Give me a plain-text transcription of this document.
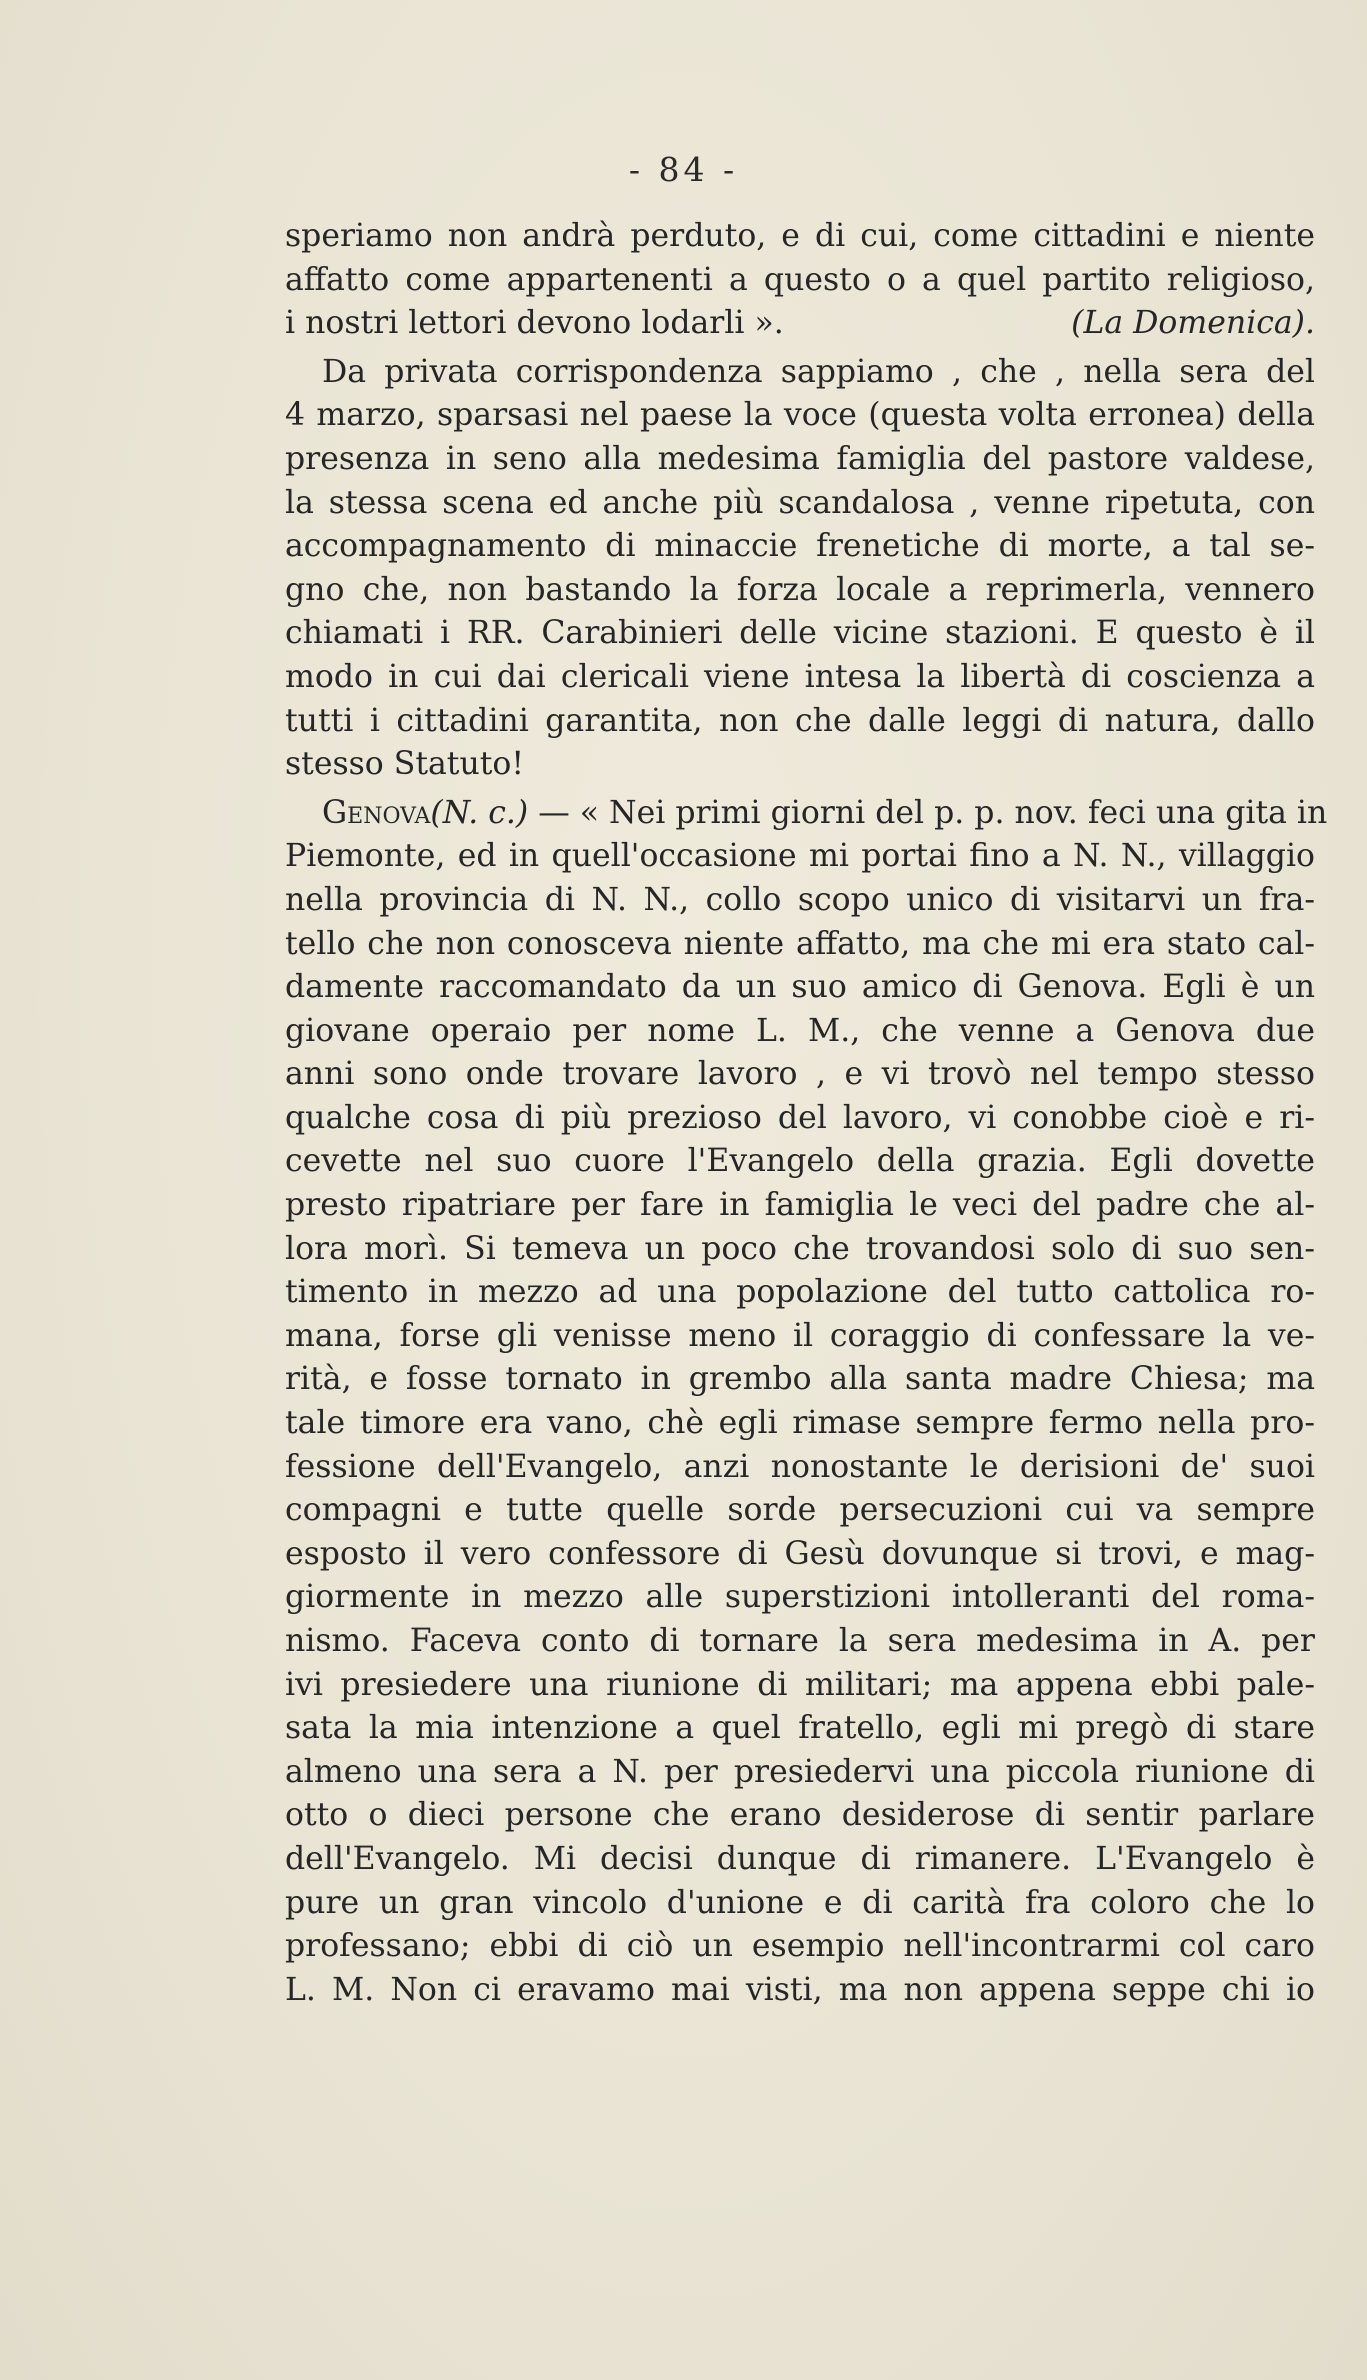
- 84 -
speriamo non andrà perduto, e di cui, come cittadini e niente
affatto come appartenenti a questo o a quel partito religioso,
i nostri lettori devono lodarli ».	(La Domenica).
Da privata corrispondenza sappiamo , che , nella sera del
4 marzo, sparsasi nel paese la voce (questa volta erronea) della
presenza in seno alla medesima famiglia del pastore valdese,
la stessa scena ed anche più scandalosa , venne ripetuta, con
accompagnamento di minaccie frenetiche di morte, a tal se-
gno che, non bastando la forza locale a reprimerla, vennero
chiamati i RR. Carabinieri delle vicine stazioni. E questo è il
modo in cui dai clericali viene intesa la libertà di coscienza a
tutti i cittadini garantita, non che dalle leggi di natura, dallo
stesso Statuto!
Genova(N. c.) — « Nei primi giorni del p. p. nov. feci una gita in
Piemonte, ed in quell'occasione mi portai fino a N. N., villaggio
nella provincia di N. N., collo scopo unico di visitarvi un fra-
tello che non conosceva niente affatto, ma che mi era stato cal-
damente raccomandato da un suo amico di Genova. Egli è un
giovane operaio per nome L. M., che venne a Genova due
anni sono onde trovare lavoro , e vi trovò nel tempo stesso
qualche cosa di più prezioso del lavoro, vi conobbe cioè e ri-
cevette nel suo cuore l'Evangelo della grazia. Egli dovette
presto ripatriare per fare in famiglia le veci del padre che al-
lora morì. Si temeva un poco che trovandosi solo di suo sen-
timento in mezzo ad una popolazione del tutto cattolica ro-
mana, forse gli venisse meno il coraggio di confessare la ve-
rità, e fosse tornato in grembo alla santa madre Chiesa; ma
tale timore era vano, chè egli rimase sempre fermo nella pro-
fessione dell'Evangelo, anzi nonostante le derisioni de' suoi
compagni e tutte quelle sorde persecuzioni cui va sempre
esposto il vero confessore di Gesù dovunque si trovi, e mag-
giormente in mezzo alle superstizioni intolleranti del roma-
nismo. Faceva conto di tornare la sera medesima in A. per
ivi presiedere una riunione di militari; ma appena ebbi pale-
sata la mia intenzione a quel fratello, egli mi pregò di stare
almeno una sera a N. per presiedervi una piccola riunione di
otto o dieci persone che erano desiderose di sentir parlare
dell'Evangelo. Mi decisi dunque di rimanere. L'Evangelo è
pure un gran vincolo d'unione e di carità fra coloro che lo
professano; ebbi di ciò un esempio nell'incontrarmi col caro
L. M. Non ci eravamo mai visti, ma non appena seppe chi io
